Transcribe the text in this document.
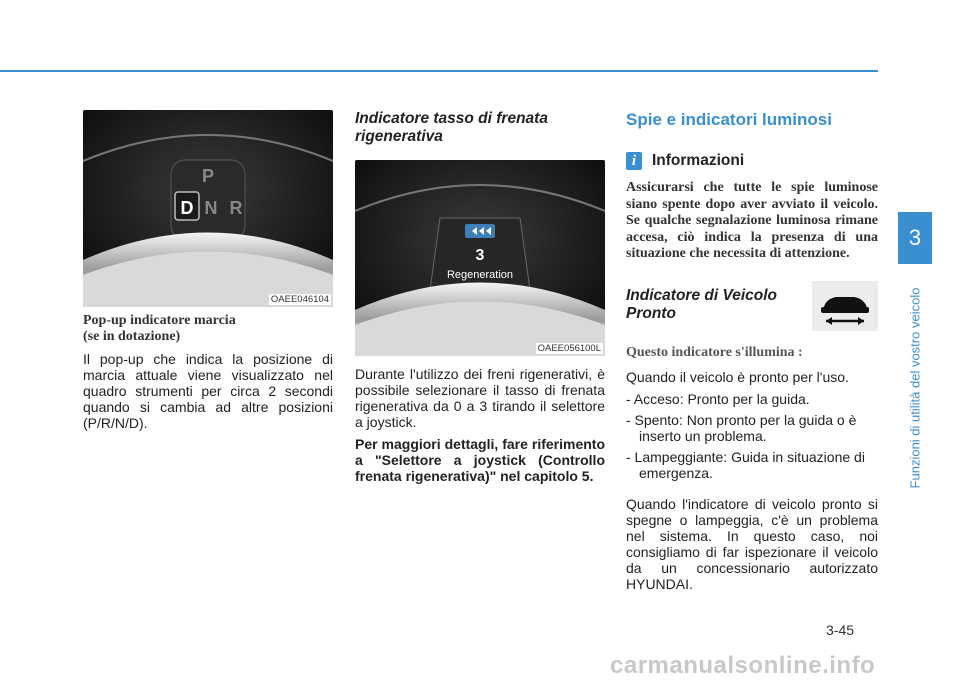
P
D N R
OAEE046104
Pop-up indicatore marcia
(se in dotazione)

Il pop-up che indica la posizione di marcia attuale viene visualizzato nel quadro strumenti per circa 2 secondi quando si cambia ad altre posizioni (P/R/N/D).

Indicatore tasso di frenata rigenerativa
3
Regeneration
OAEE056100L

Durante l'utilizzo dei freni rigenerativi, è possibile selezionare il tasso di frenata rigenerativa da 0 a 3 tirando il selettore a joystick.

Per maggiori dettagli, fare riferimento a "Selettore a joystick (Controllo frenata rigenerativa)" nel capitolo 5.

Spie e indicatori luminosi
i	Informazioni
Assicurarsi che tutte le spie luminose siano spente dopo aver avviato il veicolo. Se qualche segnalazione luminosa rimane accesa, ciò indica la presenza di una situazione che necessita di attenzione.
Indicatore di Veicolo
Pronto
Questo indicatore s'illumina :

Quando il veicolo è pronto per l'uso.

- Acceso: Pronto per la guida.

- Spento: Non pronto per la guida o è inserto un problema.

- Lampeggiante: Guida in situazione di emergenza.

Quando l'indicatore di veicolo pronto si spegne o lampeggia, c'è un problema nel sistema. In questo caso, noi consigliamo di far ispezionare il veicolo da un concessionario autorizzato HYUNDAI.

3
Funzioni di utilità del vostro veicolo
3-45
carmanualsonline.info
